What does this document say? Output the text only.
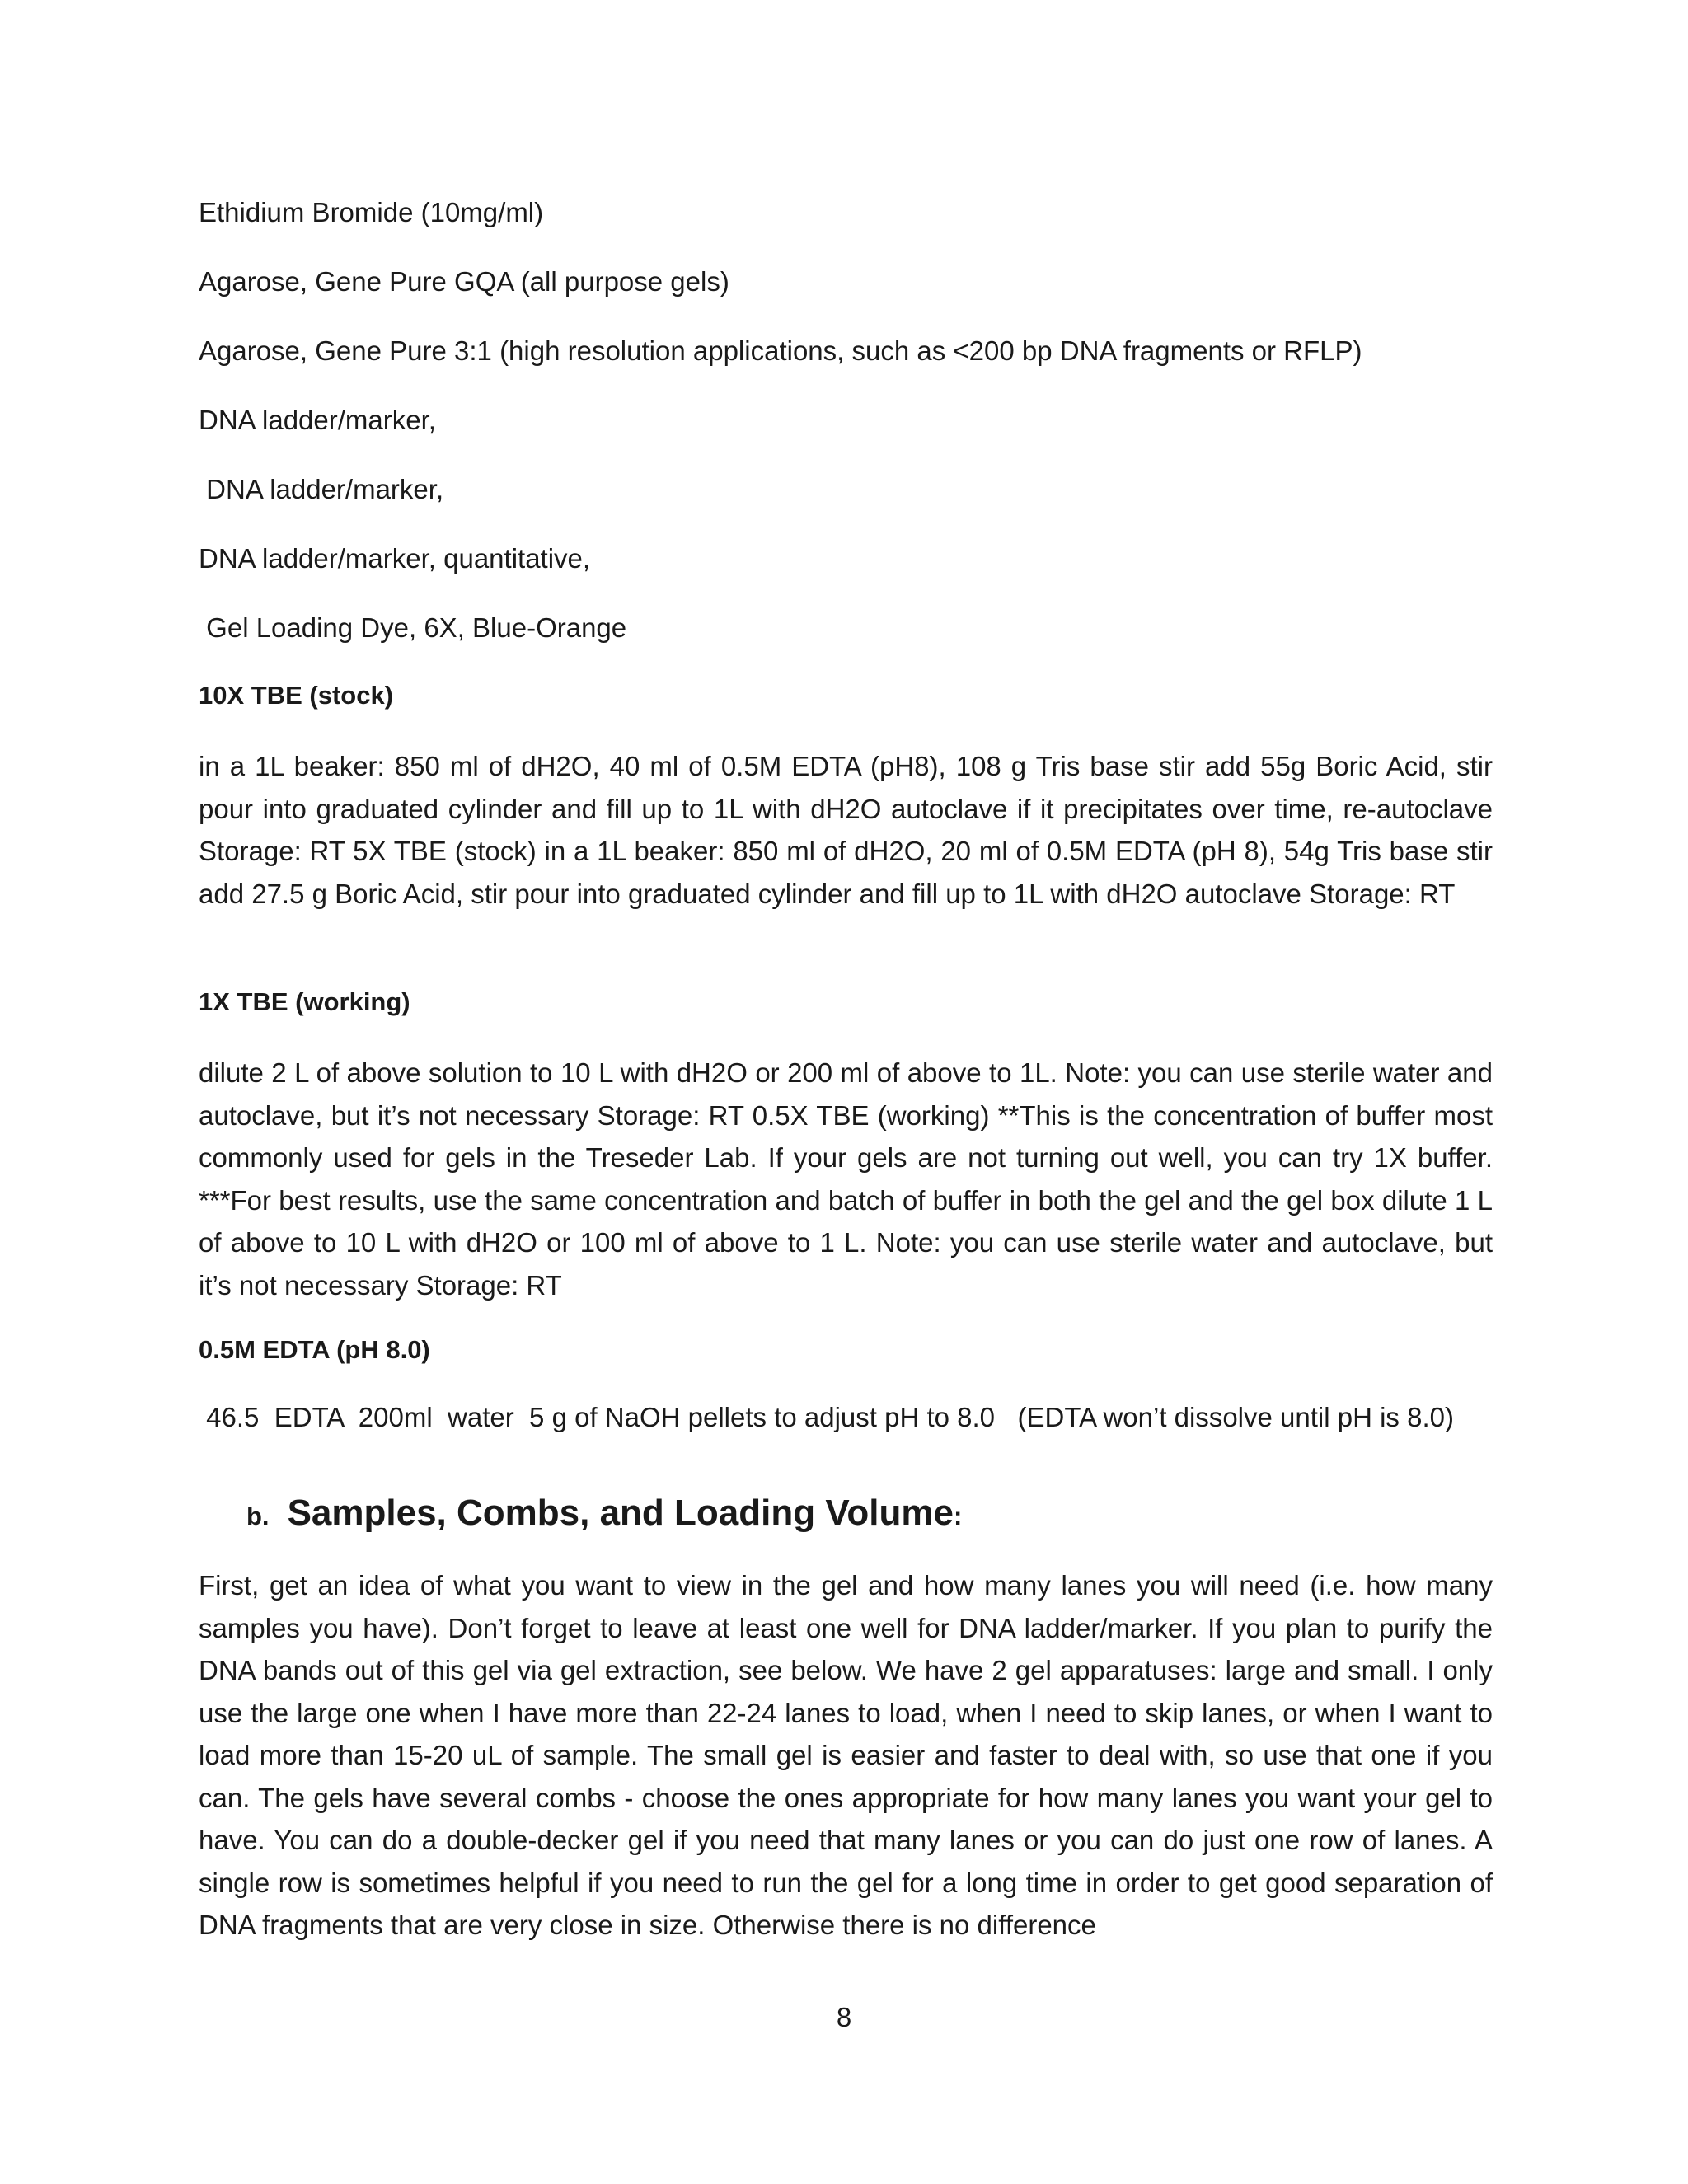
Ethidium Bromide (10mg/ml)
Agarose, Gene Pure GQA (all purpose gels)
Agarose, Gene Pure 3:1 (high resolution applications, such as <200 bp DNA fragments or RFLP)
DNA ladder/marker,
DNA ladder/marker,
DNA ladder/marker, quantitative,
Gel Loading Dye, 6X, Blue-Orange
10X TBE (stock)
in a 1L beaker: 850 ml of dH2O, 40 ml of 0.5M EDTA (pH8), 108 g Tris base stir add 55g Boric Acid, stir pour into graduated cylinder and fill up to 1L with dH2O autoclave if it precipitates over time, re-autoclave Storage: RT 5X TBE (stock) in a 1L beaker: 850 ml of dH2O, 20 ml of 0.5M EDTA (pH 8), 54g Tris base stir add 27.5 g Boric Acid, stir pour into graduated cylinder and fill up to 1L with dH2O autoclave Storage: RT
1X TBE (working)
dilute 2 L of above solution to 10 L with dH2O or 200 ml of above to 1L. Note: you can use sterile water and autoclave, but it’s not necessary Storage: RT 0.5X TBE (working) **This is the concentration of buffer most commonly used for gels in the Treseder Lab. If your gels are not turning out well, you can try 1X buffer. ***For best results, use the same concentration and batch of buffer in both the gel and the gel box dilute 1 L of above to 10 L with dH2O or 100 ml of above to 1 L. Note: you can use sterile water and autoclave, but it’s not necessary Storage: RT
0.5M EDTA (pH 8.0)
46.5  EDTA  200ml  water  5 g of NaOH pellets to adjust pH to 8.0   (EDTA won’t dissolve until pH is 8.0)
First, get an idea of what you want to view in the gel and how many lanes you will need (i.e. how many samples you have). Don’t forget to leave at least one well for DNA ladder/marker. If you plan to purify the DNA bands out of this gel via gel extraction, see below. We have 2 gel apparatuses: large and small. I only use the large one when I have more than 22-24 lanes to load, when I need to skip lanes, or when I want to load more than 15-20 uL of sample. The small gel is easier and faster to deal with, so use that one if you can. The gels have several combs - choose the ones appropriate for how many lanes you want your gel to have. You can do a double-decker gel if you need that many lanes or you can do just one row of lanes. A single row is sometimes helpful if you need to run the gel for a long time in order to get good separation of DNA fragments that are very close in size. Otherwise there is no difference
b. Samples, Combs, and Loading Volume:
8
